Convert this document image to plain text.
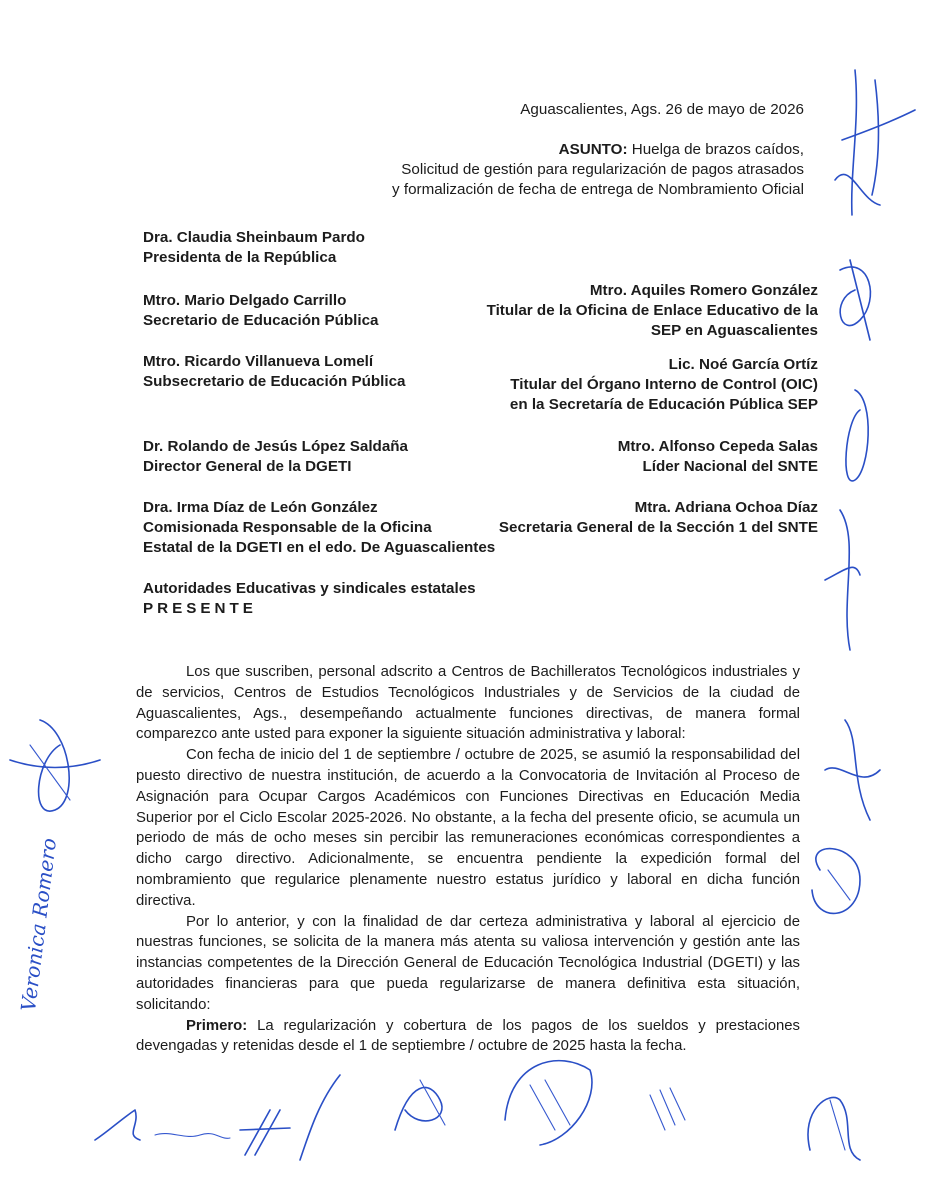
Aguascalientes, Ags. 26 de mayo de 2026
ASUNTO: Huelga de brazos caídos,
Solicitud de gestión para regularización de pagos atrasados
y formalización de fecha de entrega de Nombramiento Oficial
Dra. Claudia Sheinbaum Pardo
Presidenta de la República
Mtro. Mario Delgado Carrillo
Secretario de Educación Pública
Mtro. Ricardo Villanueva Lomelí
Subsecretario de Educación Pública
Dr. Rolando de Jesús López Saldaña
Director General de la DGETI
Dra. Irma Díaz de León González
Comisionada Responsable de la Oficina
Estatal de la DGETI en el edo. De Aguascalientes
Mtro. Aquiles Romero González
Titular de la Oficina de Enlace Educativo de la
SEP en Aguascalientes
Lic. Noé García Ortíz
Titular del Órgano Interno de Control (OIC)
en la Secretaría de Educación Pública SEP
Mtro. Alfonso Cepeda Salas
Líder Nacional del SNTE
Mtra. Adriana Ochoa Díaz
Secretaria General de la Sección 1 del SNTE
Autoridades Educativas y sindicales estatales
PRESENTE

Los que suscriben, personal adscrito a Centros de Bachilleratos Tecnológicos industriales y de servicios, Centros de Estudios Tecnológicos Industriales y de Servicios de la ciudad de Aguascalientes, Ags., desempeñando actualmente funciones directivas, de manera formal comparezco ante usted para exponer la siguiente situación administrativa y laboral:

Con fecha de inicio del 1 de septiembre / octubre de 2025, se asumió la responsabilidad del puesto directivo de nuestra institución, de acuerdo a la Convocatoria de Invitación al Proceso de Asignación para Ocupar Cargos Académicos con Funciones Directivas en Educación Media Superior por el Ciclo Escolar 2025-2026. No obstante, a la fecha del presente oficio, se acumula un periodo de más de ocho meses sin percibir las remuneraciones económicas correspondientes a dicho cargo directivo. Adicionalmente, se encuentra pendiente la expedición formal del nombramiento que regularice plenamente nuestro estatus jurídico y laboral en dicha función directiva.

Por lo anterior, y con la finalidad de dar certeza administrativa y laboral al ejercicio de nuestras funciones, se solicita de la manera más atenta su valiosa intervención y gestión ante las instancias competentes de la Dirección General de Educación Tecnológica Industrial (DGETI) y las autoridades financieras para que pueda regularizarse de manera definitiva esta situación, solicitando:

Primero: La regularización y cobertura de los pagos de los sueldos y prestaciones devengadas y retenidas desde el 1 de septiembre / octubre de 2025 hasta la fecha.

Veronica Romero
